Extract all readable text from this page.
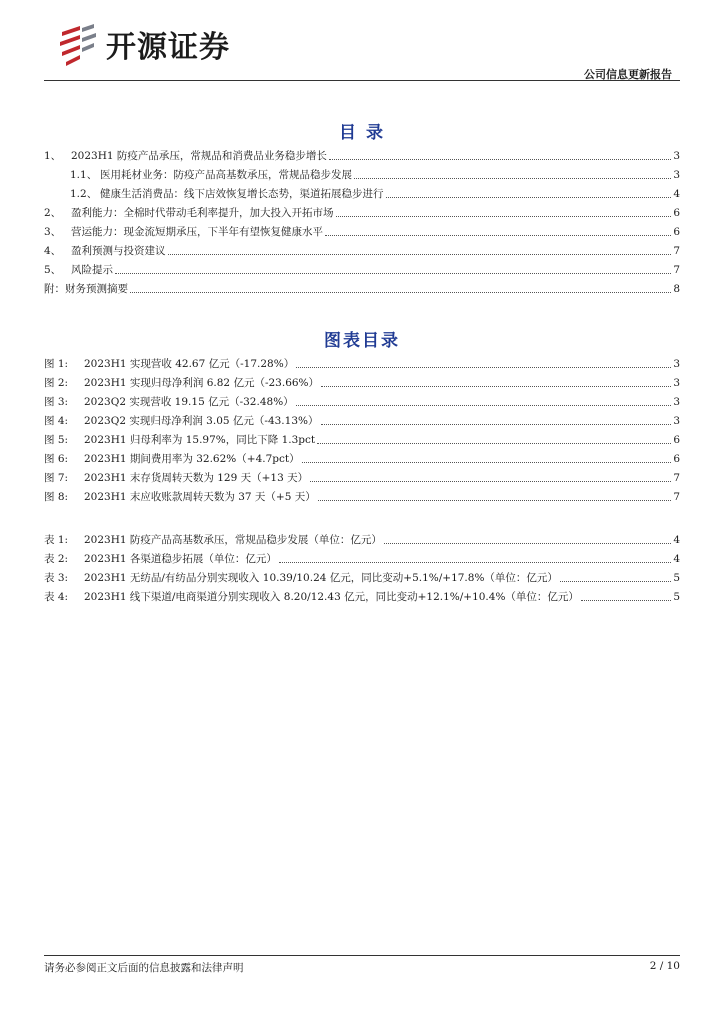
开源证券
公司信息更新报告
目 录
1、 2023H1 防疫产品承压，常规品和消费品业务稳步增长	3
1.1、 医用耗材业务：防疫产品高基数承压，常规品稳步发展	3
1.2、 健康生活消费品：线下店效恢复增长态势，渠道拓展稳步进行	4
2、 盈利能力：全棉时代带动毛利率提升，加大投入开拓市场	6
3、 营运能力：现金流短期承压，下半年有望恢复健康水平	6
4、 盈利预测与投资建议	7
5、 风险提示	7
附：财务预测摘要	8
图表目录
图 1:	2023H1 实现营收 42.67 亿元（-17.28%）	3
图 2:	2023H1 实现归母净利润 6.82 亿元（-23.66%）	3
图 3:	2023Q2 实现营收 19.15 亿元（-32.48%）	3
图 4:	2023Q2 实现归母净利润 3.05 亿元（-43.13%）	3
图 5:	2023H1 归母利率为 15.97%，同比下降 1.3pct	6
图 6:	2023H1 期间费用率为 32.62%（+4.7pct）	6
图 7:	2023H1 末存货周转天数为 129 天（+13 天）	7
图 8:	2023H1 末应收账款周转天数为 37 天（+5 天）	7
表 1:	2023H1 防疫产品高基数承压，常规品稳步发展（单位：亿元）	4
表 2:	2023H1 各渠道稳步拓展（单位：亿元）	4
表 3:	2023H1 无纺品/有纺品分别实现收入 10.39/10.24 亿元，同比变动+5.1%/+17.8%（单位：亿元）	5
表 4:	2023H1 线下渠道/电商渠道分别实现收入 8.20/12.43 亿元，同比变动+12.1%/+10.4%（单位：亿元）	5
请务必参阅正文后面的信息披露和法律声明	2 / 10
